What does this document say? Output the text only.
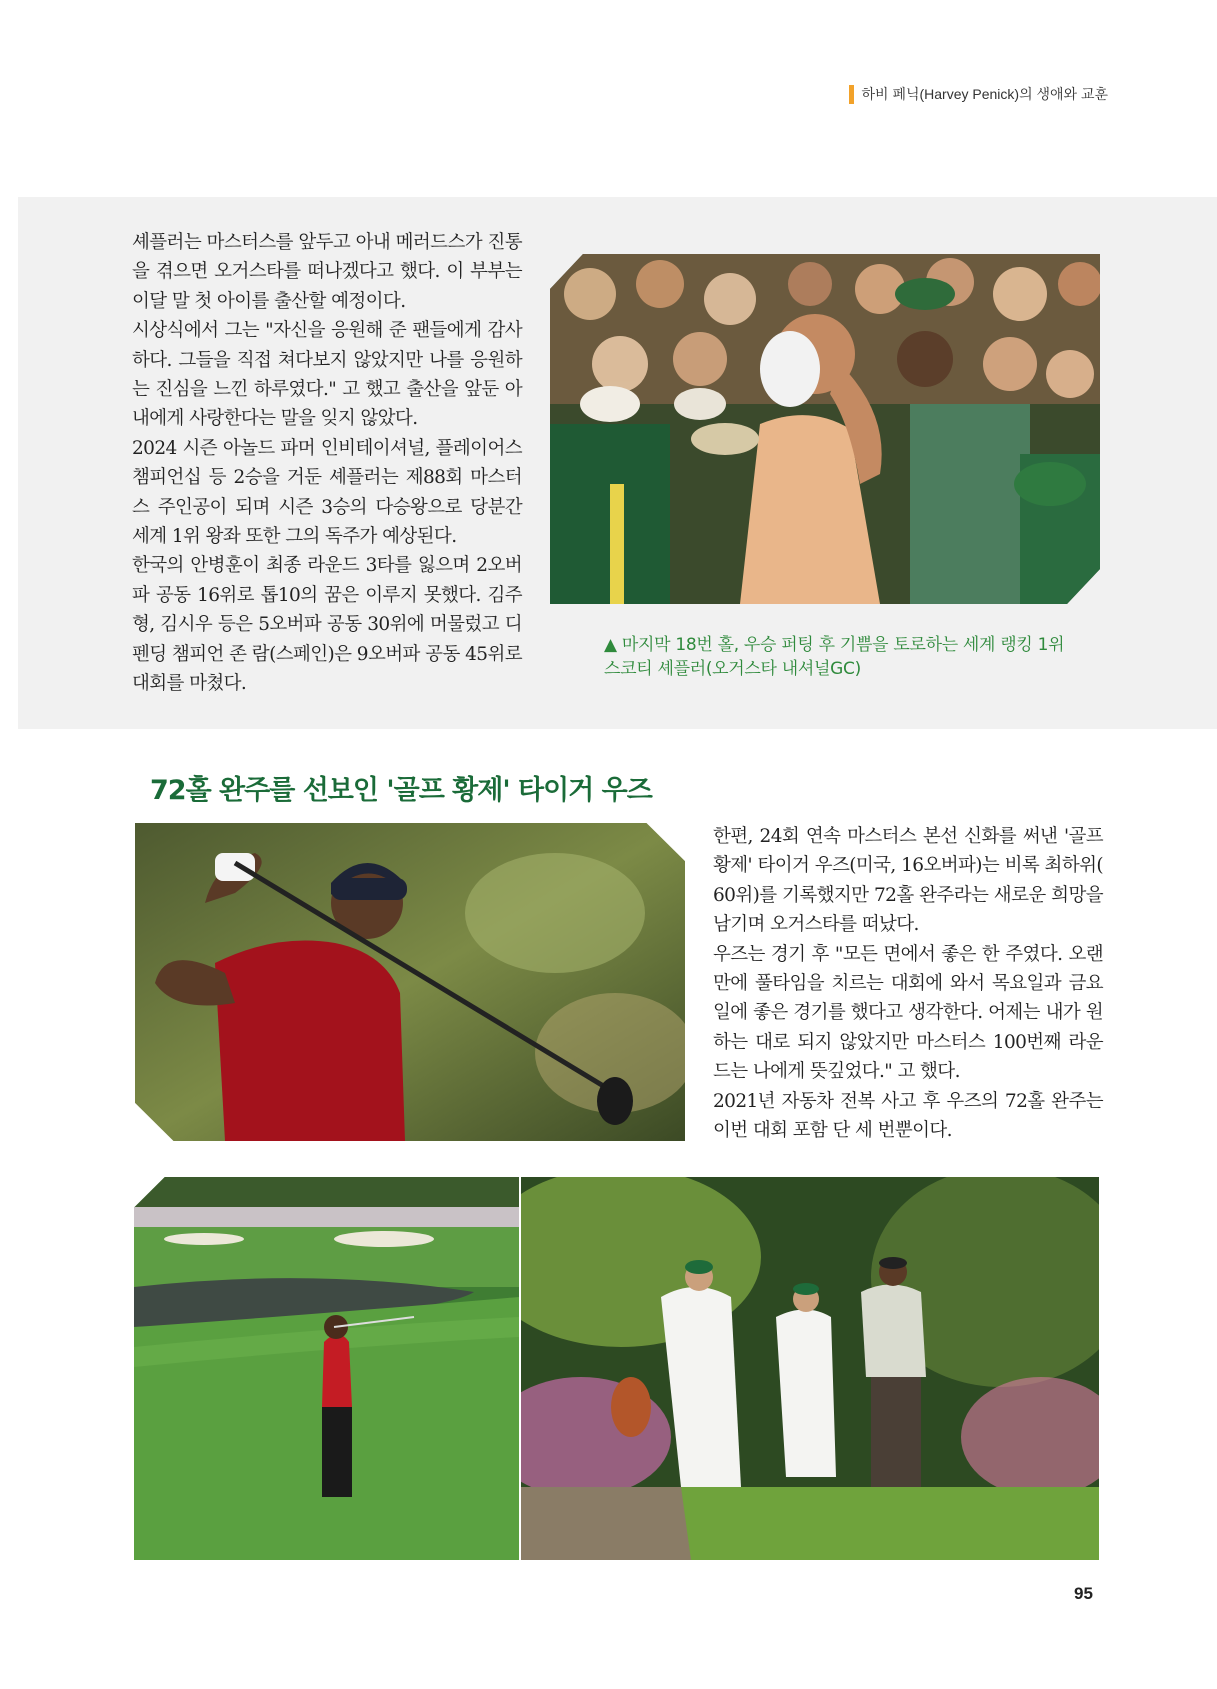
하비 페닉(Harvey Penick)의 생애와 교훈

셰플러는 마스터스를 앞두고 아내 메러드스가 진통을 겪으면 오거스타를 떠나겠다고 했다. 이 부부는 이달 말 첫 아이를 출산할 예정이다.

시상식에서 그는 "자신을 응원해 준 팬들에게 감사하다. 그들을 직접 쳐다보지 않았지만 나를 응원하는 진심을 느낀 하루였다." 고 했고 출산을 앞둔 아내에게 사랑한다는 말을 잊지 않았다.

2024 시즌 아놀드 파머 인비테이셔널, 플레이어스 챔피언십 등 2승을 거둔 셰플러는 제88회 마스터스 주인공이 되며 시즌 3승의 다승왕으로 당분간 세계 1위 왕좌 또한 그의 독주가 예상된다.

한국의 안병훈이 최종 라운드 3타를 잃으며 2오버파 공동 16위로 톱10의 꿈은 이루지 못했다. 김주형, 김시우 등은 5오버파 공동 30위에 머물렀고 디펜딩 챔피언 존 람(스페인)은 9오버파 공동 45위로 대회를 마쳤다.

▲ 마지막 18번 홀, 우승 퍼팅 후 기쁨을 토로하는 세계 랭킹 1위 스코티 셰플러(오거스타 내셔널GC)
72홀 완주를 선보인 '골프 황제' 타이거 우즈

한편, 24회 연속 마스터스 본선 신화를 써낸 '골프 황제' 타이거 우즈(미국, 16오버파)는 비록 최하위( 60위)를 기록했지만 72홀 완주라는 새로운 희망을 남기며 오거스타를 떠났다.

우즈는 경기 후 "모든 면에서 좋은 한 주였다. 오랜만에 풀타임을 치르는 대회에 와서 목요일과 금요일에 좋은 경기를 했다고 생각한다. 어제는 내가 원하는 대로 되지 않았지만 마스터스 100번째 라운드는 나에게 뜻깊었다." 고 했다.

2021년 자동차 전복 사고 후 우즈의 72홀 완주는 이번 대회 포함 단 세 번뿐이다.

95
